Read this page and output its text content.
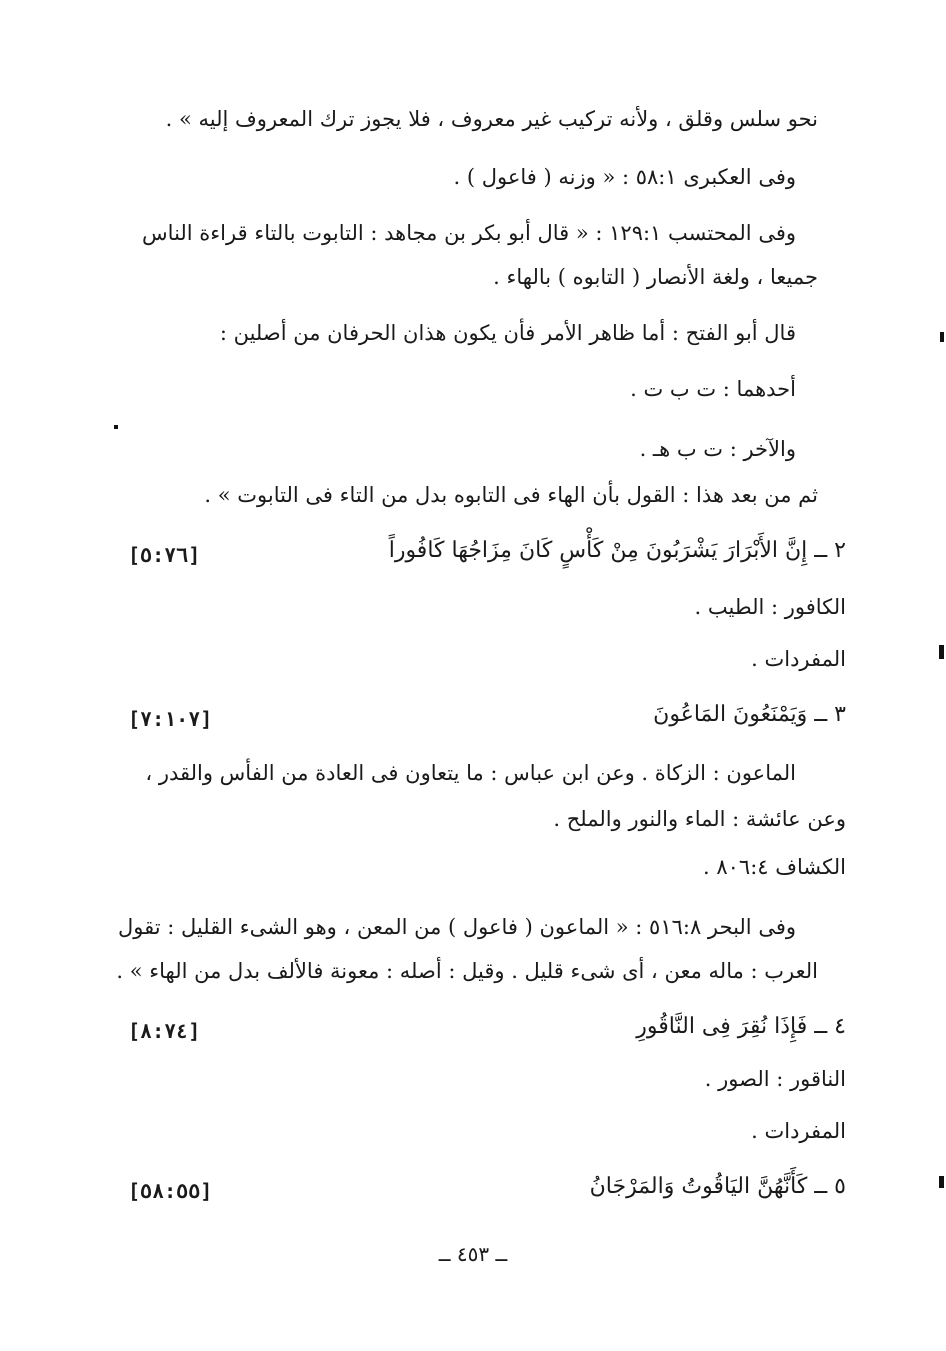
نحو سلس وقلق ، ولأنه تركيب غير معروف ، فلا يجوز ترك المعروف إليه » .
وفى العكبرى ٥٨:١ : « وزنه ( فاعول ) .
وفى المحتسب ١٢٩:١ : « قال أبو بكر بن مجاهد : التابوت بالتاء قراءة الناس
جميعا ، ولغة الأنصار ( التابوه ) بالهاء .
قال أبو الفتح : أما ظاهر الأمر فأن يكون هذان الحرفان من أصلين :
أحدهما : ت ب ت .
والآخر : ت ب هـ .
ثم من بعد هذا : القول بأن الهاء فى التابوه بدل من التاء فى التابوت » .
٢ ــ إِنَّ الأَبْرَارَ يَشْرَبُونَ مِنْ كَأْسٍ كَانَ مِزَاجُهَا كَافُوراً
[٥:٧٦]
الكافور : الطيب .
المفردات .
٣ ــ وَيَمْنَعُونَ المَاعُونَ
[٧:١٠٧]
الماعون : الزكاة . وعن ابن عباس : ما يتعاون فى العادة من الفأس والقدر ،
وعن عائشة : الماء والنور والملح .
الكشاف ٨٠٦:٤ .
وفى البحر ٥١٦:٨ : « الماعون ( فاعول ) من المعن ، وهو الشىء القليل : تقول
العرب : ماله معن ، أى شىء قليل . وقيل : أصله : معونة فالألف بدل من الهاء » .
٤ ــ فَإِذَا نُقِرَ فِى النَّاقُورِ
[٨:٧٤]
الناقور : الصور .
المفردات .
٥ ــ كَأَنَّهُنَّ اليَاقُوتُ وَالمَرْجَانُ
[٥٨:٥٥]
ــ ٤٥٣ ــ
